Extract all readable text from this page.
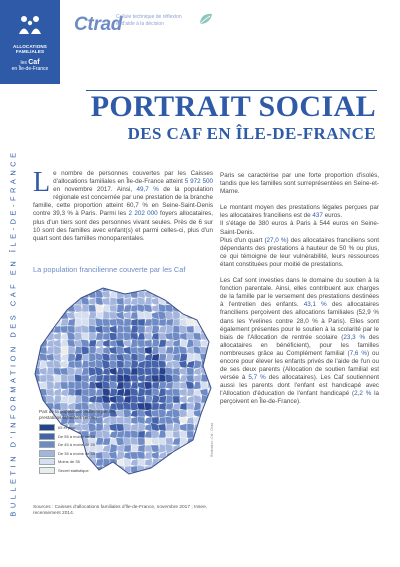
ALLOCATIONS FAMILIALES
les Caf
en Île-de-France
Ctrad
Cellule technique de réflexion
et d'aide à la décision
BULLETIN D'INFORMATION DES CAF EN ÎLE-DE-FRANCE
PORTRAIT SOCIAL
DES CAF EN ÎLE-DE-FRANCE

Le nombre de personnes couvertes par les Caisses d'allocations familiales en Île-de-France atteint 5 972 500 en novembre 2017. Ainsi, 49,7 % de la population régionale est concernée par une prestation de la branche famille, cette proportion atteint 60,7 % en Seine-Saint-Denis contre 39,3 % à Paris. Parmi les 2 202 000 foyers allocataires, plus d'un tiers sont des personnes vivant seules. Près de 6 sur 10 sont des familles avec enfant(s) et parmi celles-ci, plus d'un quart sont des familles monoparentales.

La population francilienne couverte par les Caf
Réalisation : Caf - Ctrad
Part de la population couverte par les prestations familiales (en %)
65 et plus
De 55 à moins de 65
De 45 à moins de 55
De 35 à moins de 45
Moins de 35
Secret statistique
Sources : Caisses d'allocations familiales d'Île-de-France, novembre 2017 ; Insee, recensement 2014.

Paris se caractérise par une forte proportion d'isolés, tandis que les familles sont surreprésentées en Seine-et-Marne.

Le montant moyen des prestations légales perçues par les allocataires franciliens est de 437 euros.
Il s'étage de 380 euros à Paris à 544 euros en Seine-Saint-Denis.
Plus d'un quart (27,0 %) des allocataires franciliens sont dépendants des prestations à hauteur de 50 % ou plus, ce qui témoigne de leur vulnérabilité, leurs ressources étant constituées pour moitié de prestations.

Les Caf sont investies dans le domaine du soutien à la fonction parentale. Ainsi, elles contribuent aux charges de la famille par le versement des prestations destinées à l'entretien des enfants. 43,1 % des allocataires franciliens perçoivent des allocations familiales (52,9 % dans les Yvelines contre 28,0 % à Paris). Elles sont également présentes pour le soutien à la scolarité par le biais de l'Allocation de rentrée scolaire (23,3 % des allocataires en bénéficient), pour les familles nombreuses grâce au Complément familial (7,6 %) ou encore pour élever les enfants privés de l'aide de l'un ou de ses deux parents (Allocation de soutien familial est versée à 5,7 % des allocataires). Les Caf soutiennent aussi les parents dont l'enfant est handicapé avec l'Allocation d'éducation de l'enfant handicapé (2,2 % la perçoivent en Île-de-France).
